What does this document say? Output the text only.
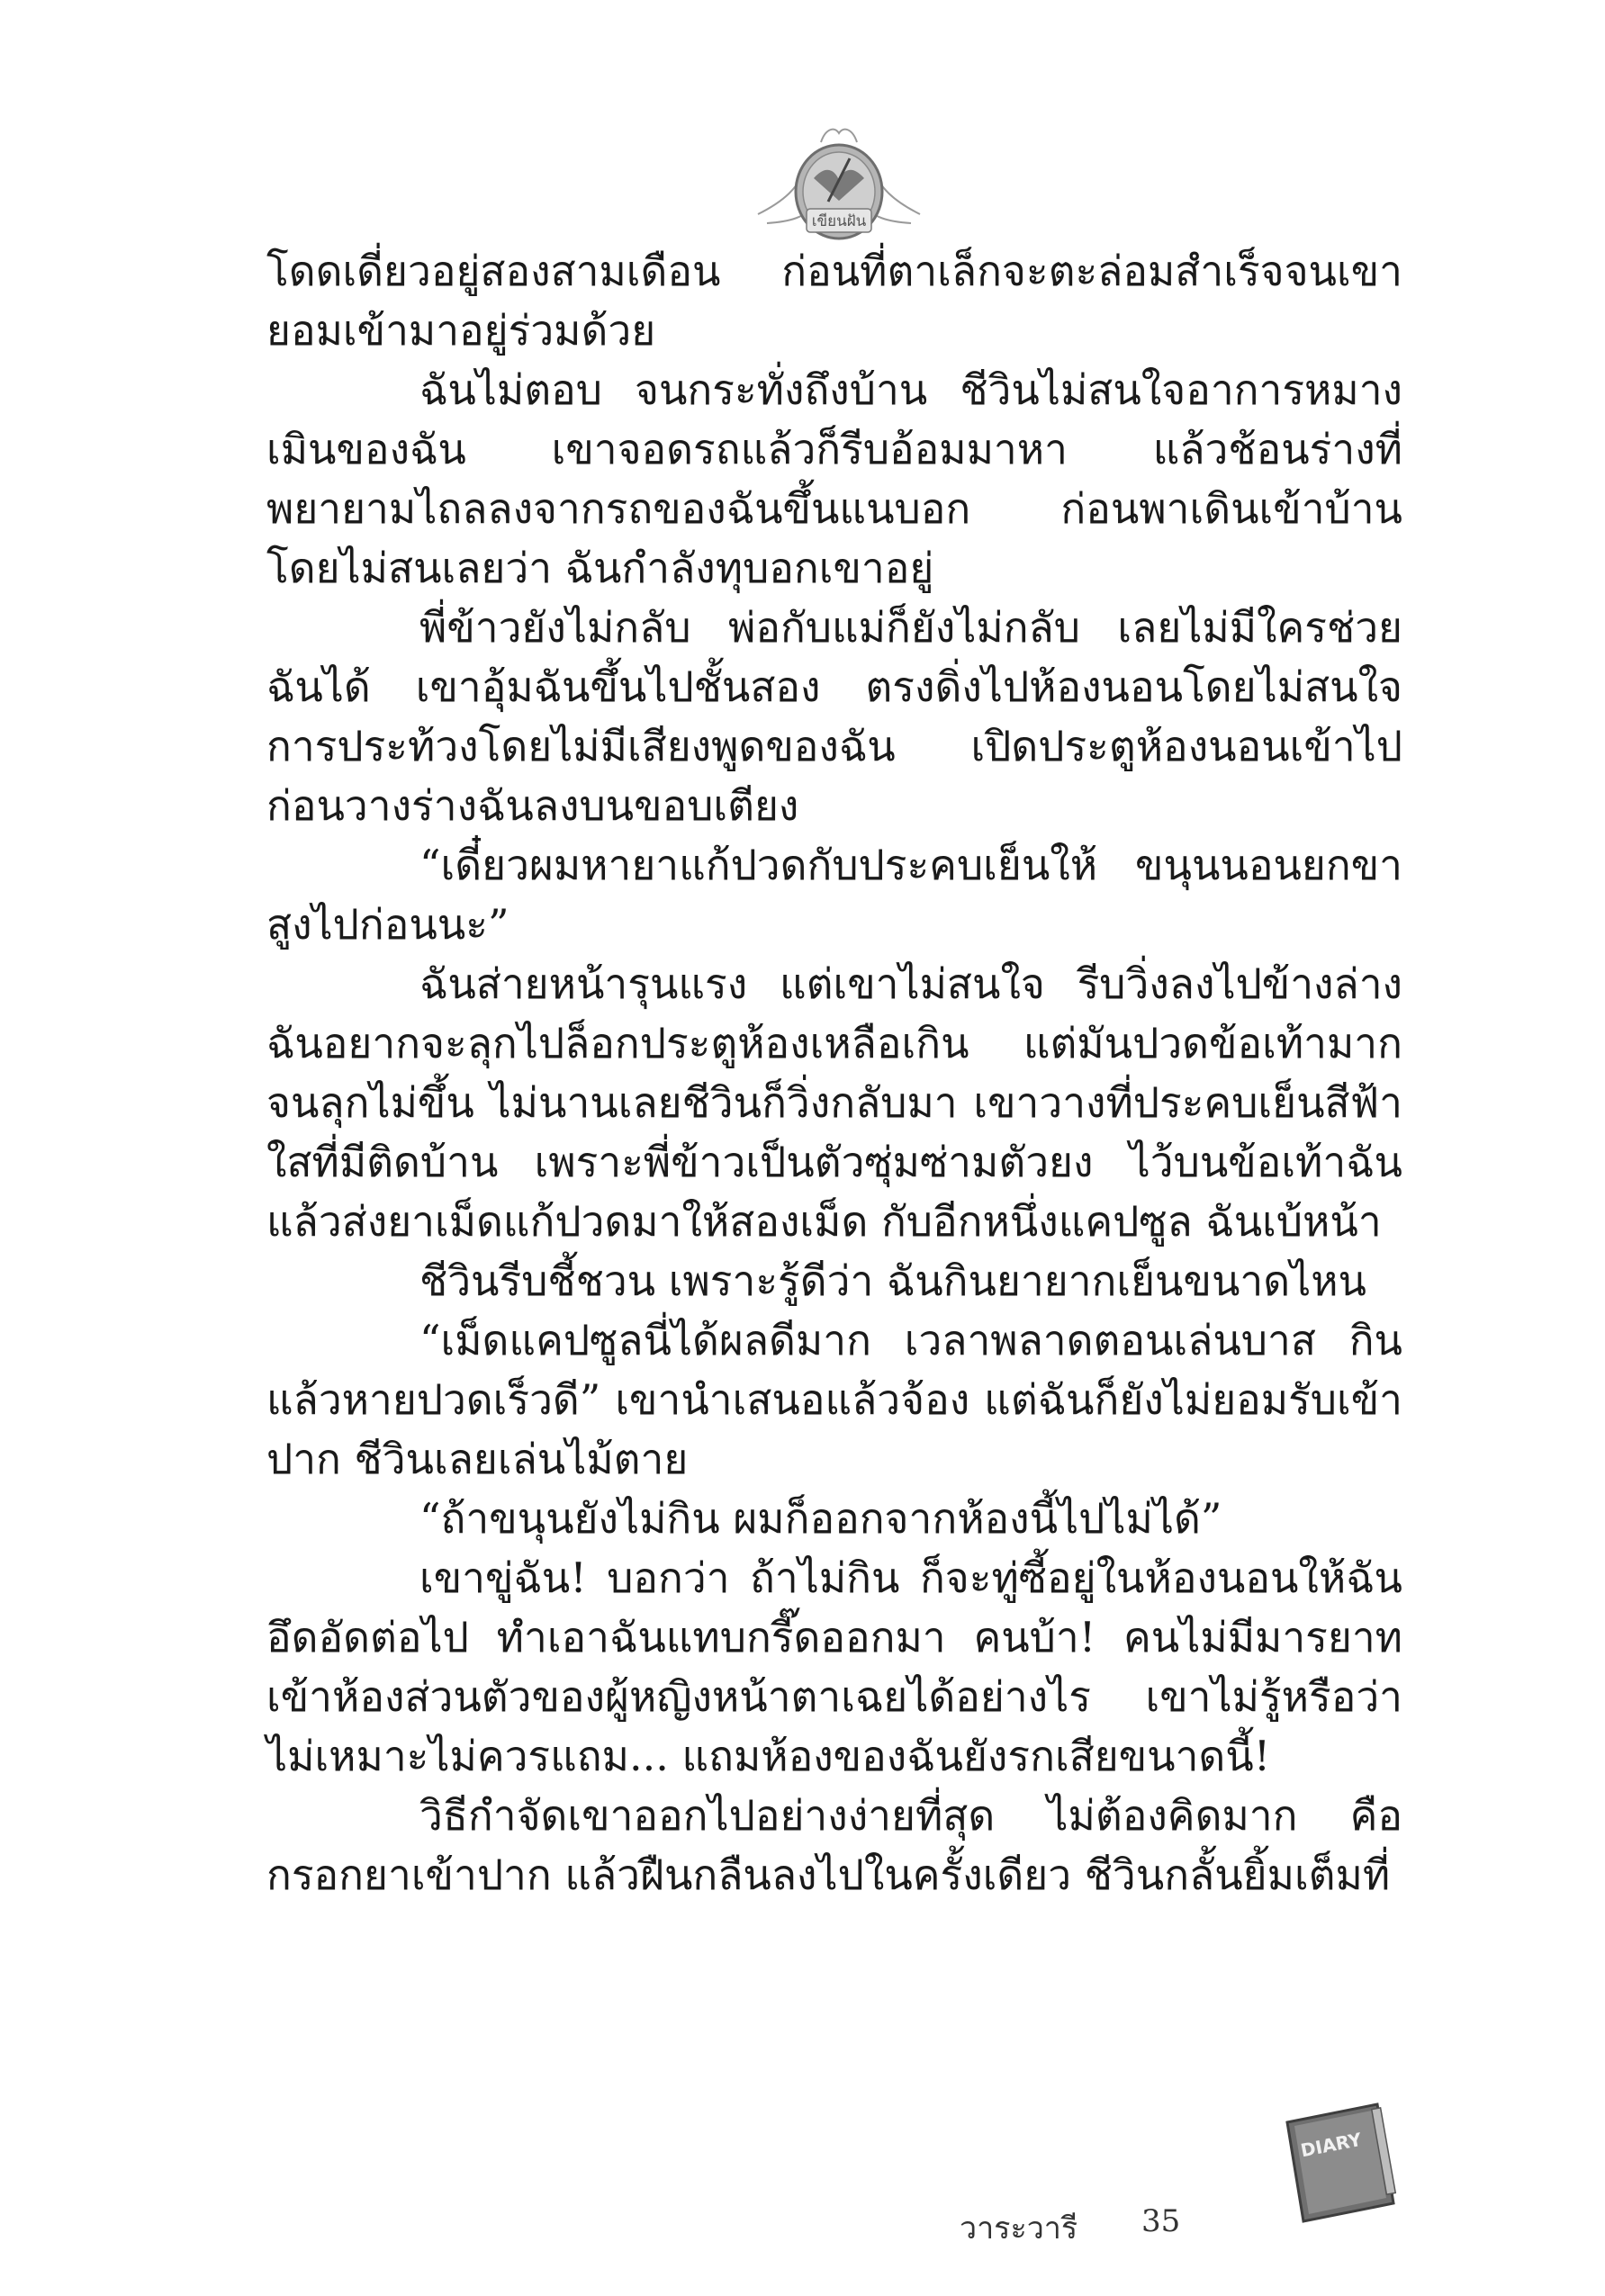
เขียนฝัน

โดดเดี่ยวอยู่สองสามเดือน ก่อนที่ตาเล็กจะตะล่อมสำเร็จจนเขายอมเข้ามาอยู่ร่วมด้วย

ฉันไม่ตอบ จนกระทั่งถึงบ้าน ชีวินไม่สนใจอาการหมางเมินของฉัน เขาจอดรถแล้วก็รีบอ้อมมาหา แล้วช้อนร่างที่พยายามไถลลงจากรถของฉันขึ้นแนบอก ก่อนพาเดินเข้าบ้าน โดยไม่สนเลยว่า ฉันกำลังทุบอกเขาอยู่

พี่ข้าวยังไม่กลับ พ่อกับแม่ก็ยังไม่กลับ เลยไม่มีใครช่วยฉันได้ เขาอุ้มฉันขึ้นไปชั้นสอง ตรงดิ่งไปห้องนอนโดยไม่สนใจการประท้วงโดยไม่มีเสียงพูดของฉัน เปิดประตูห้องนอนเข้าไป ก่อนวางร่างฉันลงบนขอบเตียง

“เดี๋ยวผมหายาแก้ปวดกับประคบเย็นให้ ขนุนนอนยกขาสูงไปก่อนนะ”

ฉันส่ายหน้ารุนแรง แต่เขาไม่สนใจ รีบวิ่งลงไปข้างล่าง ฉันอยากจะลุกไปล็อกประตูห้องเหลือเกิน แต่มันปวดข้อเท้ามากจนลุกไม่ขึ้น ไม่นานเลยชีวินก็วิ่งกลับมา เขาวางที่ประคบเย็นสีฟ้าใสที่มีติดบ้าน เพราะพี่ข้าวเป็นตัวซุ่มซ่ามตัวยง ไว้บนข้อเท้าฉัน แล้วส่งยาเม็ดแก้ปวดมาให้สองเม็ด กับอีกหนึ่งแคปซูล ฉันเบ้หน้า

ชีวินรีบชี้ชวน เพราะรู้ดีว่า ฉันกินยายากเย็นขนาดไหน

“เม็ดแคปซูลนี่ได้ผลดีมาก เวลาพลาดตอนเล่นบาส กินแล้วหายปวดเร็วดี” เขานำเสนอแล้วจ้อง แต่ฉันก็ยังไม่ยอมรับเข้าปาก ชีวินเลยเล่นไม้ตาย

“ถ้าขนุนยังไม่กิน ผมก็ออกจากห้องนี้ไปไม่ได้”

เขาขู่ฉัน! บอกว่า ถ้าไม่กิน ก็จะทู่ซี้อยู่ในห้องนอนให้ฉันอึดอัดต่อไป ทำเอาฉันแทบกรี๊ดออกมา คนบ้า! คนไม่มีมารยาท เข้าห้องส่วนตัวของผู้หญิงหน้าตาเฉยได้อย่างไร เขาไม่รู้หรือว่า ไม่เหมาะไม่ควรแถม... แถมห้องของฉันยังรกเสียขนาดนี้!

วิธีกำจัดเขาออกไปอย่างง่ายที่สุด ไม่ต้องคิดมาก คือกรอกยาเข้าปาก แล้วฝืนกลืนลงไปในครั้งเดียว ชีวินกลั้นยิ้มเต็มที่

วาระวารี 35
DIARY
